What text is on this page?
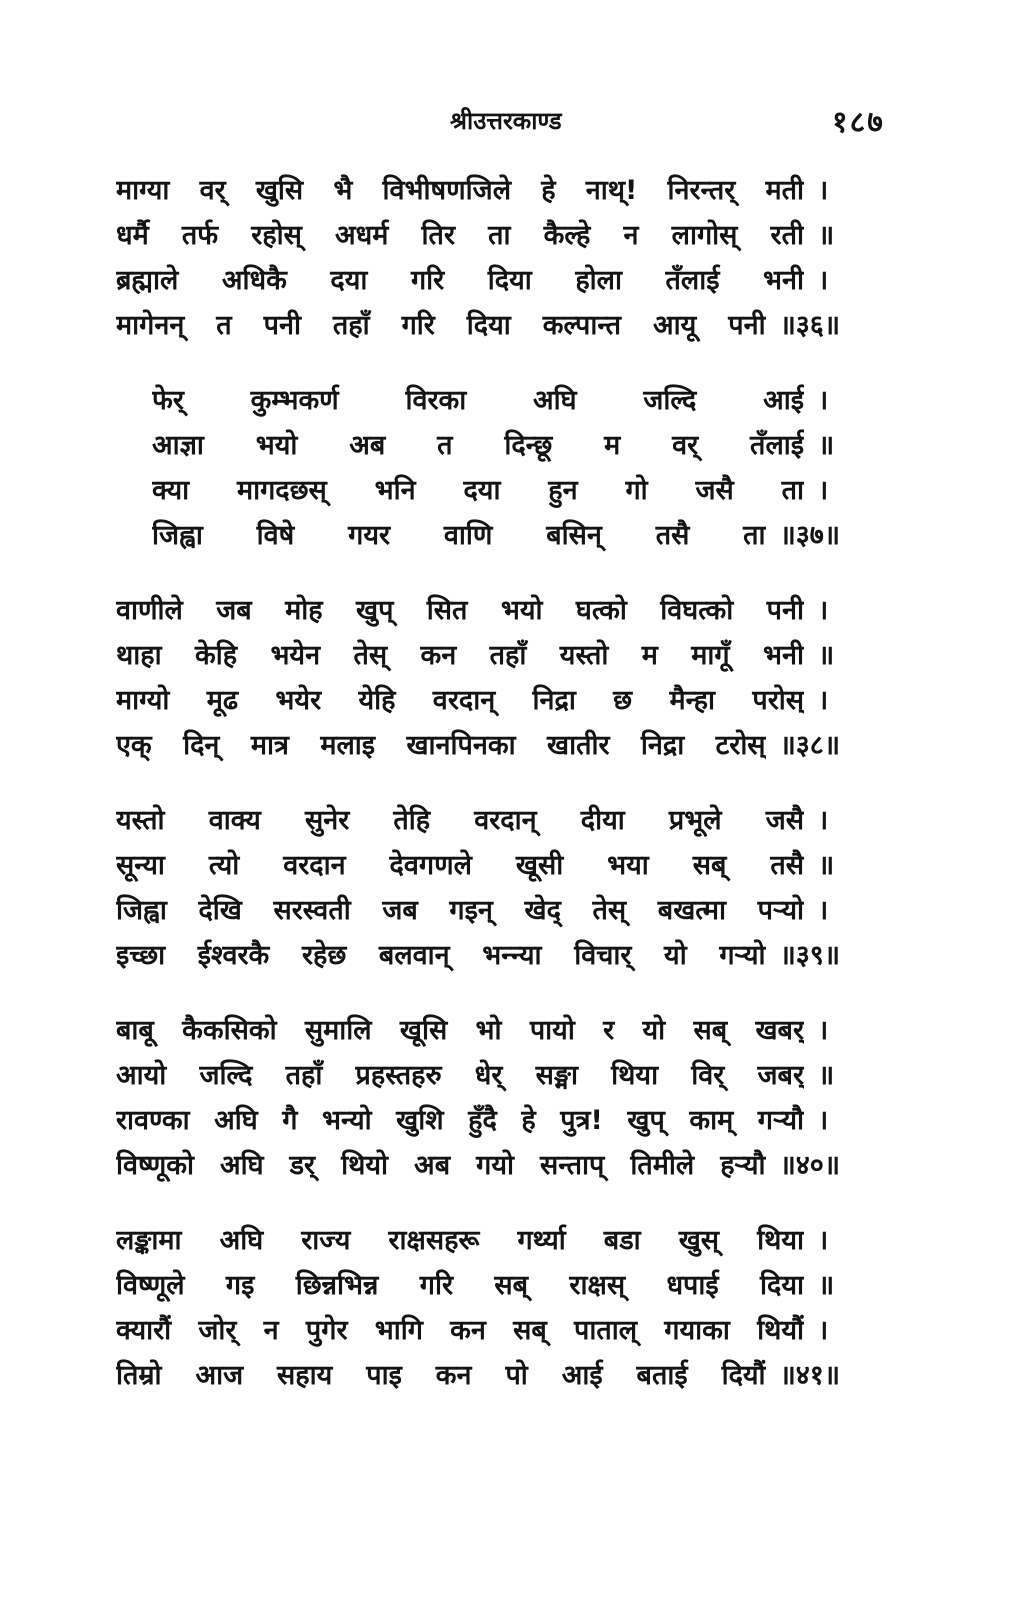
श्रीउत्तरकाण्ड	१८७
माग्या वर् खुसि भै विभीषणजिले हे नाथ्! निरन्तर् मती ।
धर्मै तर्फ रहोस् अधर्म तिर ता कैल्हे न लागोस् रती ॥
ब्रह्माले अधिकै दया गरि दिया होला तँलाई भनी ।
मागेनन् त पनी तहाँ गरि दिया कल्पान्त आयू पनी ॥३६॥
फेर् कुम्भकर्ण विरका अघि जल्दि आई ।
आज्ञा भयो अब त दिन्छू म वर् तँलाई ॥
क्या मागदछस् भनि दया हुन गो जसै ता ।
जिह्वा विषे गयर वाणि बसिन् तसै ता ॥३७॥
वाणीले जब मोह खुप् सित भयो घत्को विघत्को पनी ।
थाहा केहि भयेन तेस् कन तहाँ यस्तो म मागूँ भनी ॥
माग्यो मूढ भयेर येहि वरदान् निद्रा छ मैन्हा परोस् ।
एक् दिन् मात्र मलाइ खानपिनका खातीर निद्रा टरोस् ॥३८॥
यस्तो वाक्य सुनेर तेहि वरदान् दीया प्रभूले जसै ।
सून्या त्यो वरदान देवगणले खूसी भया सब् तसै ॥
जिह्वा देखि सरस्वती जब गइन् खेद् तेस् बखत्मा पऱ्यो ।
इच्छा ईश्वरकै रहेछ बलवान् भन्न्या विचार् यो गऱ्यो ॥३९॥
बाबू कैकसिको सुमालि खूसि भो पायो र यो सब् खबर् ।
आयो जल्दि तहाँ प्रहस्तहरु धेर् सङ्मा थिया विर् जबर् ॥
रावण्का अघि गै भन्यो खुशि हुँदै हे पुत्र! खुप् काम् गऱ्यौ ।
विष्णूको अघि डर् थियो अब गयो सन्ताप् तिमीले हऱ्यौ ॥४०॥
लङ्कामा अघि राज्य राक्षसहरू गर्थ्या बडा खुस् थिया ।
विष्णूले गइ छिन्नभिन्न गरि सब् राक्षस् धपाई दिया ॥
क्यारौं जोर् न पुगेर भागि कन सब् पाताल् गयाका थियौं ।
तिम्रो आज सहाय पाइ कन पो आई बताई दियौं ॥४१॥
